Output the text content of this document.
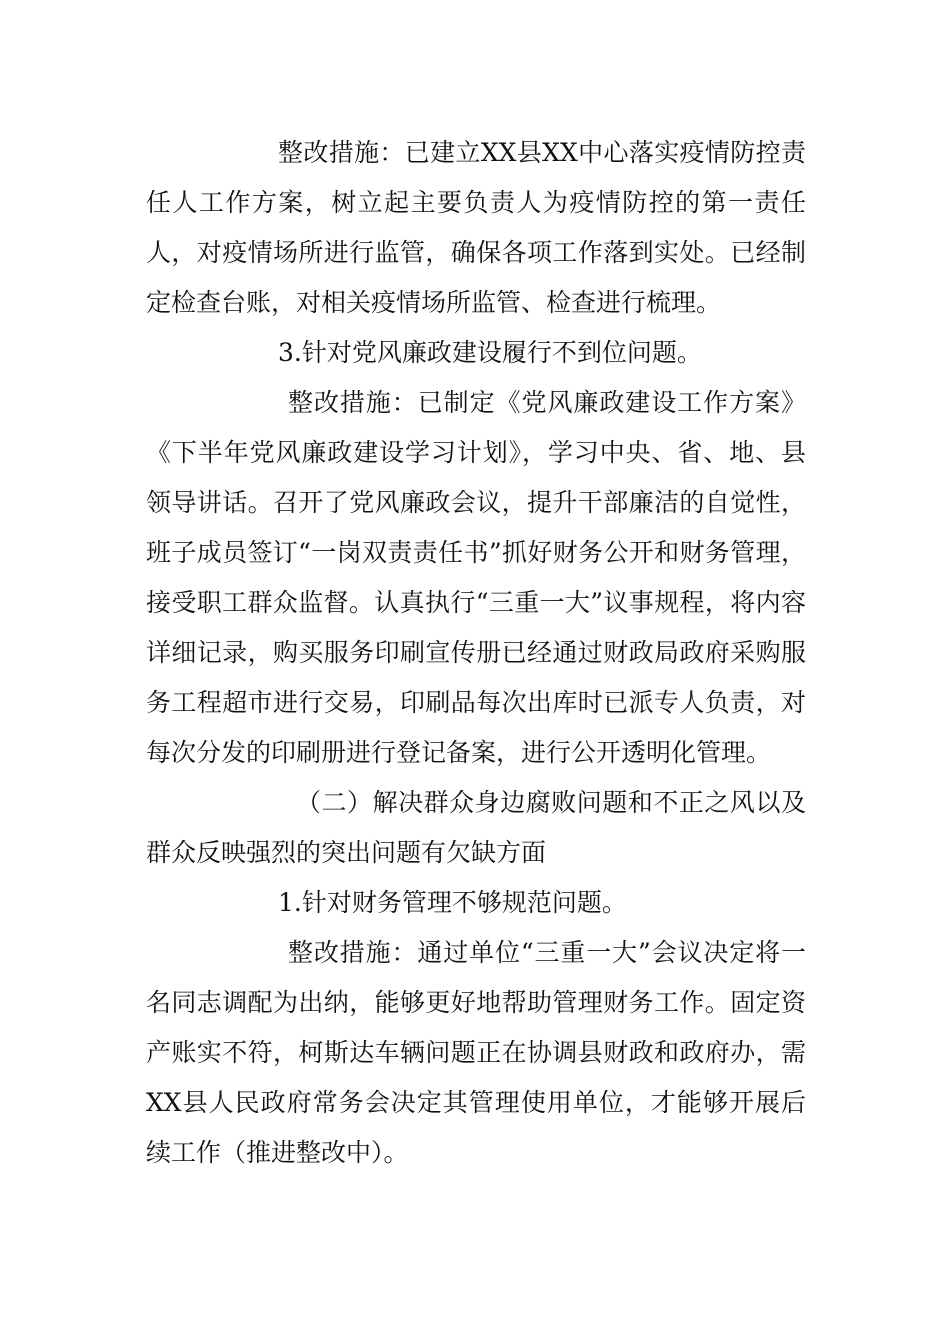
整改措施：已建立XX县XX中心落实疫情防控责任人工作方案，树立起主要负责人为疫情防控的第一责任人，对疫情场所进行监管，确保各项工作落到实处。已经制定检查台账，对相关疫情场所监管、检查进行梳理。

3.针对党风廉政建设履行不到位问题。

整改措施：已制定《党风廉政建设工作方案》《下半年党风廉政建设学习计划》，学习中央、省、地、县领导讲话。召开了党风廉政会议，提升干部廉洁的自觉性，班子成员签订“一岗双责责任书”抓好财务公开和财务管理，接受职工群众监督。认真执行“三重一大”议事规程，将内容详细记录，购买服务印刷宣传册已经通过财政局政府采购服务工程超市进行交易，印刷品每次出库时已派专人负责，对每次分发的印刷册进行登记备案，进行公开透明化管理。

（二）解决群众身边腐败问题和不正之风以及群众反映强烈的突出问题有欠缺方面

1.针对财务管理不够规范问题。

整改措施：通过单位“三重一大”会议决定将一名同志调配为出纳，能够更好地帮助管理财务工作。固定资产账实不符，柯斯达车辆问题正在协调县财政和政府办，需XX县人民政府常务会决定其管理使用单位，才能够开展后续工作（推进整改中）。
